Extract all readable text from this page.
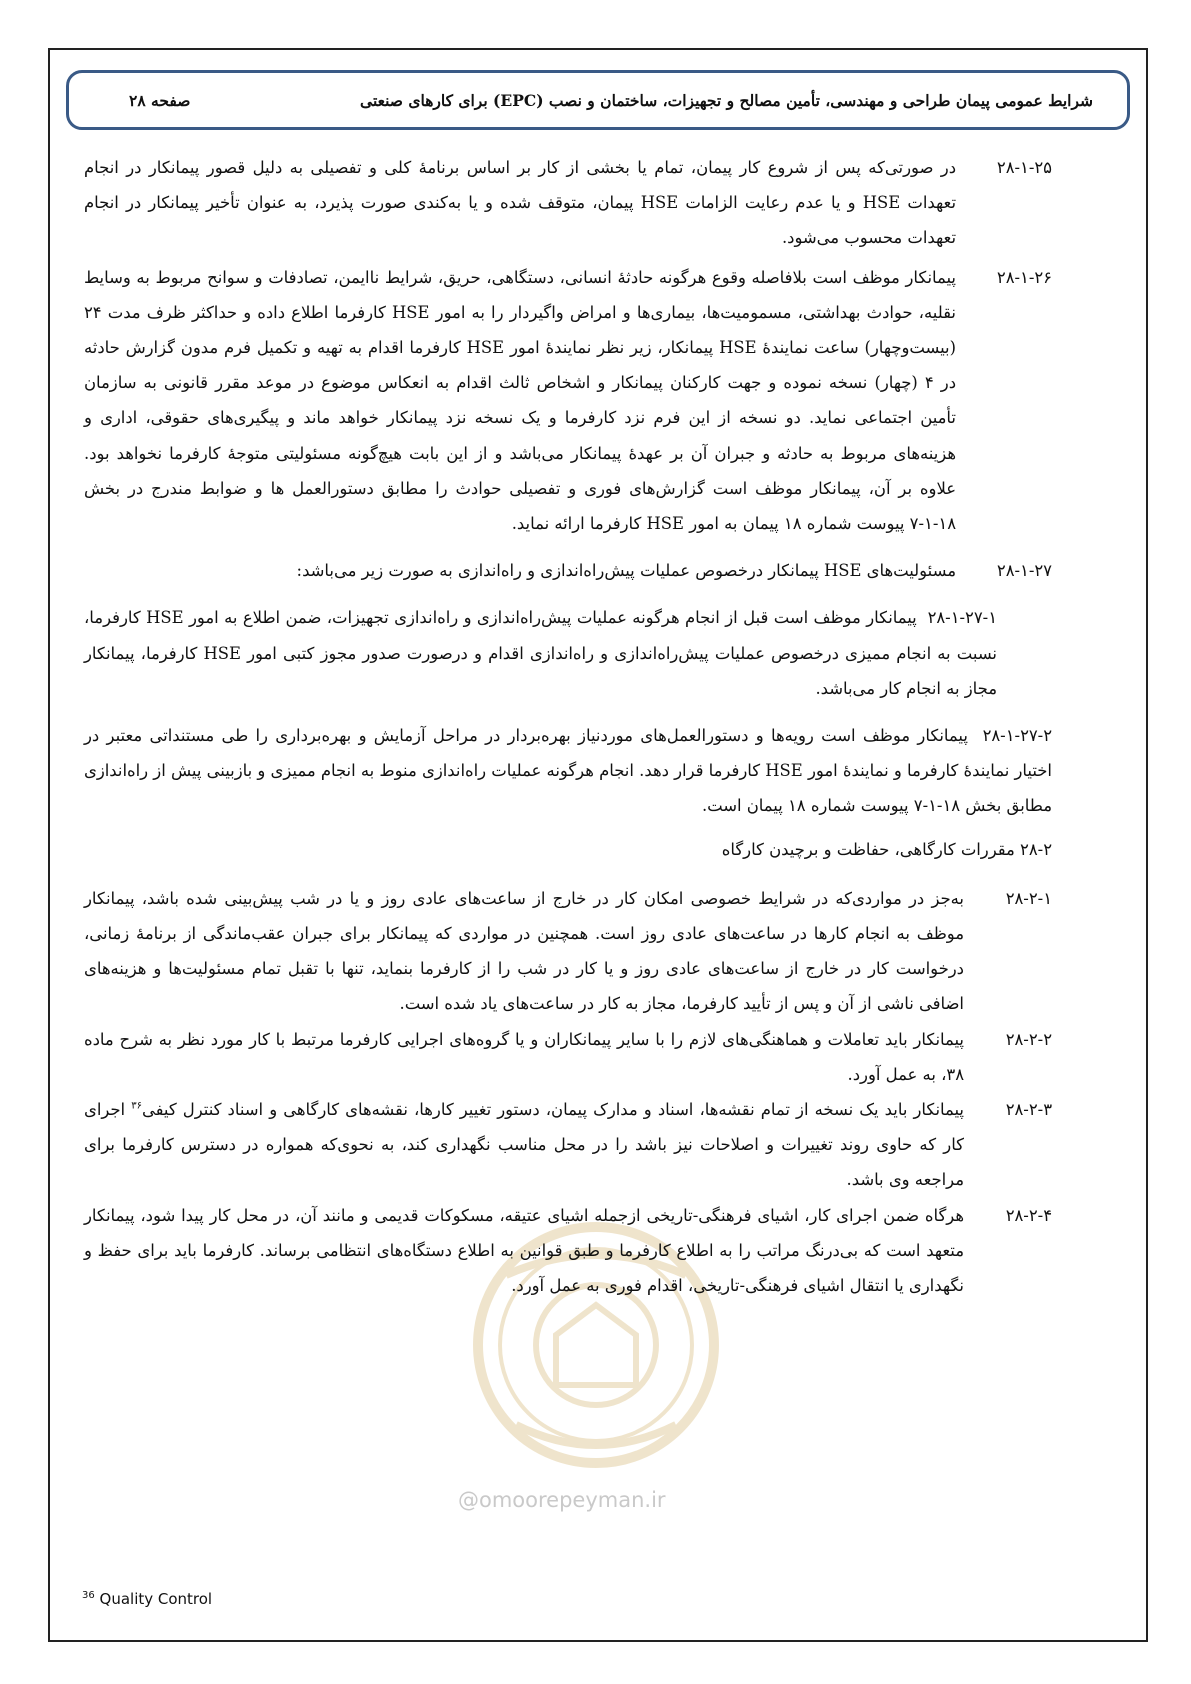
شرایط عمومی پیمان طراحی و مهندسی، تأمین مصالح و تجهیزات، ساختمان و نصب (EPC) برای کارهای صنعتی
صفحه ۲۸
@omoorepeyman.ir
۲۸-۱-۲۵
در صورتی‌که پس از شروع کار پیمان، تمام یا بخشی از کار بر اساس برنامۀ کلی و تفصیلی به دلیل قصور پیمانکار در انجام تعهدات HSE و یا عدم رعایت الزامات HSE پیمان، متوقف شده و یا به‌کندی صورت پذیرد، به عنوان تأخیر پیمانکار در انجام تعهدات محسوب می‌شود.
۲۸-۱-۲۶
پیمانکار موظف است بلافاصله وقوع هرگونه حادثۀ انسانی، دستگاهی، حریق، شرایط ناایمن، تصادفات و سوانح مربوط به وسایط نقلیه، حوادث بهداشتی، مسمومیت‌ها، بیماری‌ها و امراض واگیردار را به امور HSE کارفرما اطلاع داده و حداکثر ظرف مدت ۲۴ (بیست‌وچهار) ساعت نمایندۀ HSE پیمانکار، زیر نظر نمایندۀ امور HSE کارفرما اقدام به تهیه و تکمیل فرم مدون گزارش حادثه در ۴ (چهار) نسخه نموده و جهت کارکنان پیمانکار و اشخاص ثالث اقدام به انعکاس موضوع در موعد مقرر قانونی به سازمان تأمین اجتماعی نماید. دو نسخه از این فرم نزد کارفرما و یک نسخه نزد پیمانکار خواهد ماند و پیگیری‌های حقوقی، اداری و هزینه‌های مربوط به حادثه و جبران آن بر عهدۀ پیمانکار می‌باشد و از این بابت هیچ‌گونه مسئولیتی متوجۀ کارفرما نخواهد بود. علاوه بر آن، پیمانکار موظف است گزارش‌های فوری و تفصیلی حوادث را مطابق دستورالعمل ها و ضوابط مندرج در بخش ۱۸-۱-۷ پیوست شماره ۱۸ پیمان به امور HSE کارفرما ارائه نماید.
۲۸-۱-۲۷
مسئولیت‌های HSE پیمانکار درخصوص عملیات پیش‌راه‌اندازی و راه‌اندازی به صورت زیر می‌باشد:
۲۸-۱-۲۷-۱  پیمانکار موظف است قبل از انجام هرگونه عملیات پیش‌راه‌اندازی و راه‌اندازی تجهیزات، ضمن اطلاع به امور HSE کارفرما، نسبت به انجام ممیزی درخصوص عملیات پیش‌راه‌اندازی و راه‌اندازی اقدام و درصورت صدور مجوز کتبی امور HSE کارفرما، پیمانکار مجاز به انجام کار می‌باشد.
۲۸-۱-۲۷-۲  پیمانکار موظف است رویه‌ها و دستورالعمل‌های موردنیاز بهره‌بردار در مراحل آزمایش و بهره‌برداری را طی مستنداتی معتبر در اختیار نمایندۀ کارفرما و نمایندۀ امور HSE کارفرما قرار دهد. انجام هرگونه عملیات راه‌اندازی منوط به انجام ممیزی و بازبینی پیش از راه‌اندازی مطابق بخش ۱۸-۱-۷ پیوست شماره ۱۸ پیمان است.
۲۸-۲ مقررات کارگاهی، حفاظت و برچیدن کارگاه
۲۸-۲-۱
به‌جز در مواردی‌که در شرایط خصوصی امکان کار در خارج از ساعت‌های عادی روز و یا در شب پیش‌بینی شده باشد، پیمانکار موظف به انجام کارها در ساعت‌های عادی روز است. همچنین در مواردی که پیمانکار برای جبران عقب‌ماندگی از برنامۀ زمانی، درخواست کار در خارج از ساعت‌های عادی روز و یا کار در شب را از کارفرما بنماید، تنها با تقبل تمام مسئولیت‌ها و هزینه‌های اضافی ناشی از آن و پس از تأیید کارفرما، مجاز به کار در ساعت‌های یاد شده است.
۲۸-۲-۲
پیمانکار باید تعاملات و هماهنگی‌های لازم را با سایر پیمانکاران و یا گروه‌های اجرایی کارفرما مرتبط با کار مورد نظر به شرح ماده ۳۸، به عمل آورد.
۲۸-۲-۳
پیمانکار باید یک نسخه از تمام نقشه‌ها، اسناد و مدارک پیمان، دستور تغییر کارها، نقشه‌های کارگاهی و اسناد کنترل کیفی$^{۳۶}$ اجرای کار که حاوی روند تغییرات و اصلاحات نیز باشد را در محل مناسب نگهداری کند، به نحوی‌که همواره در دسترس کارفرما برای مراجعه وی باشد.
۲۸-۲-۴
هرگاه ضمن اجرای کار، اشیای فرهنگی-تاریخی ازجمله اشیای عتیقه، مسکوکات قدیمی و مانند آن، در محل کار پیدا شود، پیمانکار متعهد است که بی‌درنگ مراتب را به اطلاع کارفرما و طبق قوانین به اطلاع دستگاه‌های انتظامی برساند. کارفرما باید برای حفظ و نگهداری یا انتقال اشیای فرهنگی-تاریخی، اقدام فوری به عمل آورد.
$^{36}$ Quality Control
